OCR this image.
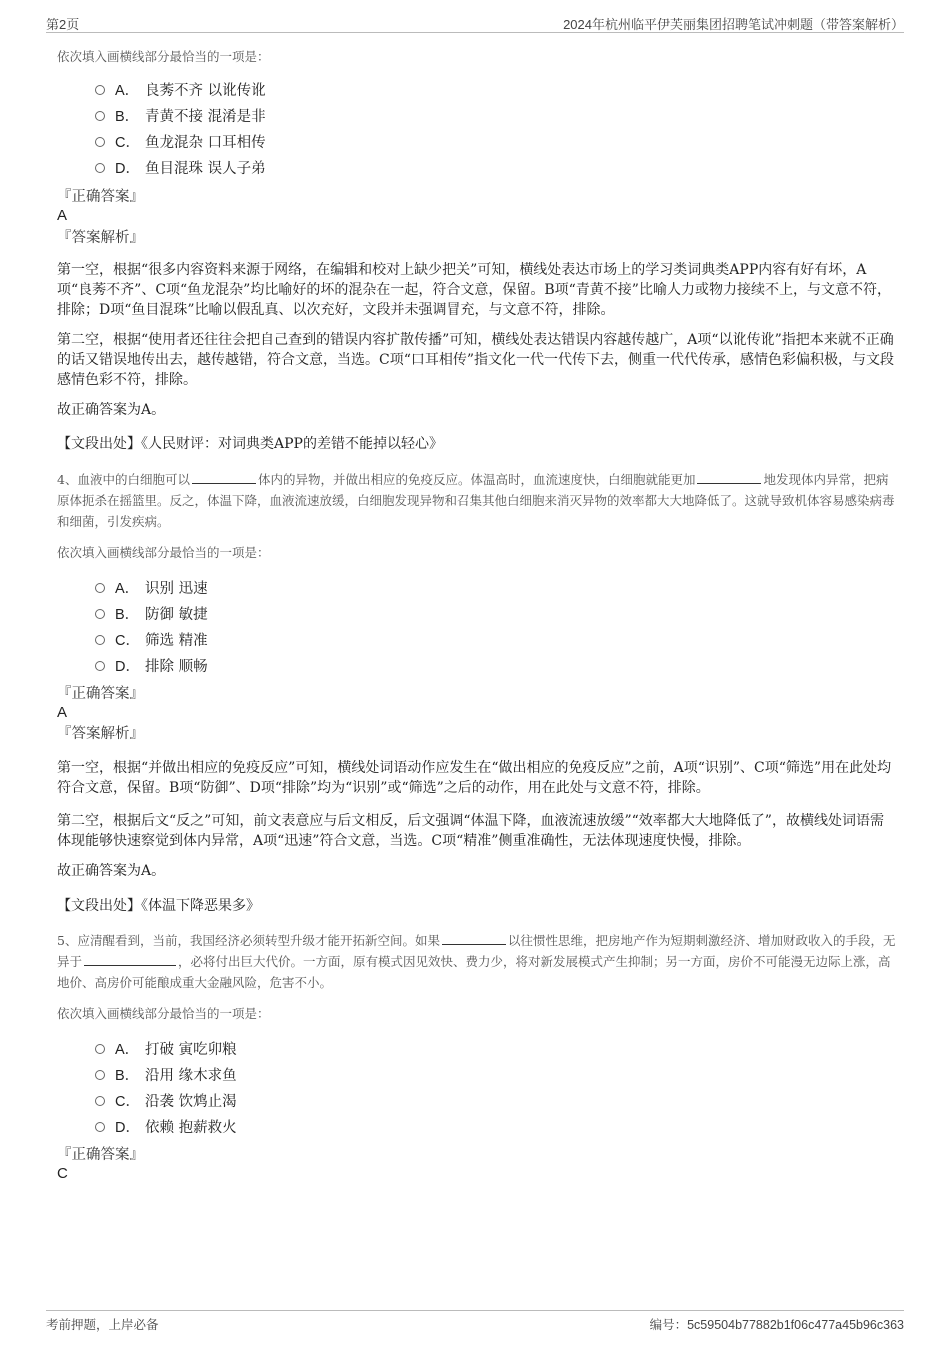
第2页	2024年杭州临平伊芙丽集团招聘笔试冲刺题（带答案解析）
依次填入画横线部分最恰当的一项是：
A． 良莠不齐 以讹传讹
B． 青黄不接 混淆是非
C． 鱼龙混杂 口耳相传
D． 鱼目混珠 误人子弟
『正确答案』
A
『答案解析』
第一空，根据“很多内容资料来源于网络，在编辑和校对上缺少把关”可知，横线处表达市场上的学习类词典类APP内容有好有坏，A项“良莠不齐”、C项“鱼龙混杂”均比喻好的坏的混杂在一起，符合文意，保留。B项“青黄不接”比喻人力或物力接续不上，与文意不符，排除；D项“鱼目混珠”比喻以假乱真、以次充好，文段并未强调冒充，与文意不符，排除。
第二空，根据“使用者还往往会把自己查到的错误内容扩散传播”可知，横线处表达错误内容越传越广，A项“以讹传讹”指把本来就不正确的话又错误地传出去，越传越错，符合文意，当选。C项“口耳相传”指文化一代一代传下去，侧重一代代传承，感情色彩偏积极，与文段感情色彩不符，排除。
故正确答案为A。
【文段出处】《人民财评：对词典类APP的差错不能掉以轻心》
4、血液中的白细胞可以	体内的异物，并做出相应的免疫反应。体温高时，血流速度快，白细胞就能更加	地发现体内异常，把病原体扼杀在摇篮里。反之，体温下降，血液流速放缓，白细胞发现异物和召集其他白细胞来消灭异物的效率都大大地降低了。这就导致机体容易感染病毒和细菌，引发疾病。
依次填入画横线部分最恰当的一项是：
A． 识别 迅速
B． 防御 敏捷
C． 筛选 精准
D． 排除 顺畅
『正确答案』
A
『答案解析』
第一空，根据“并做出相应的免疫反应”可知，横线处词语动作应发生在“做出相应的免疫反应”之前，A项“识别”、C项“筛选”用在此处均符合文意，保留。B项“防御”、D项“排除”均为“识别”或“筛选”之后的动作，用在此处与文意不符，排除。
第二空，根据后文“反之”可知，前文表意应与后文相反，后文强调“体温下降，血液流速放缓”“效率都大大地降低了”，故横线处词语需体现能够快速察觉到体内异常，A项“迅速”符合文意，当选。C项“精准”侧重准确性，无法体现速度快慢，排除。
故正确答案为A。
【文段出处】《体温下降恶果多》
5、应清醒看到，当前，我国经济必须转型升级才能开拓新空间。如果	以往惯性思维，把房地产作为短期刺激经济、增加财政收入的手段，无异于	，必将付出巨大代价。一方面，原有模式因见效快、费力少，将对新发展模式产生抑制；另一方面，房价不可能漫无边际上涨，高地价、高房价可能酿成重大金融风险，危害不小。
依次填入画横线部分最恰当的一项是：
A． 打破 寅吃卯粮
B． 沿用 缘木求鱼
C． 沿袭 饮鸩止渴
D． 依赖 抱薪救火
『正确答案』
C
考前押题，上岸必备	编号：5c59504b77882b1f06c477a45b96c363
